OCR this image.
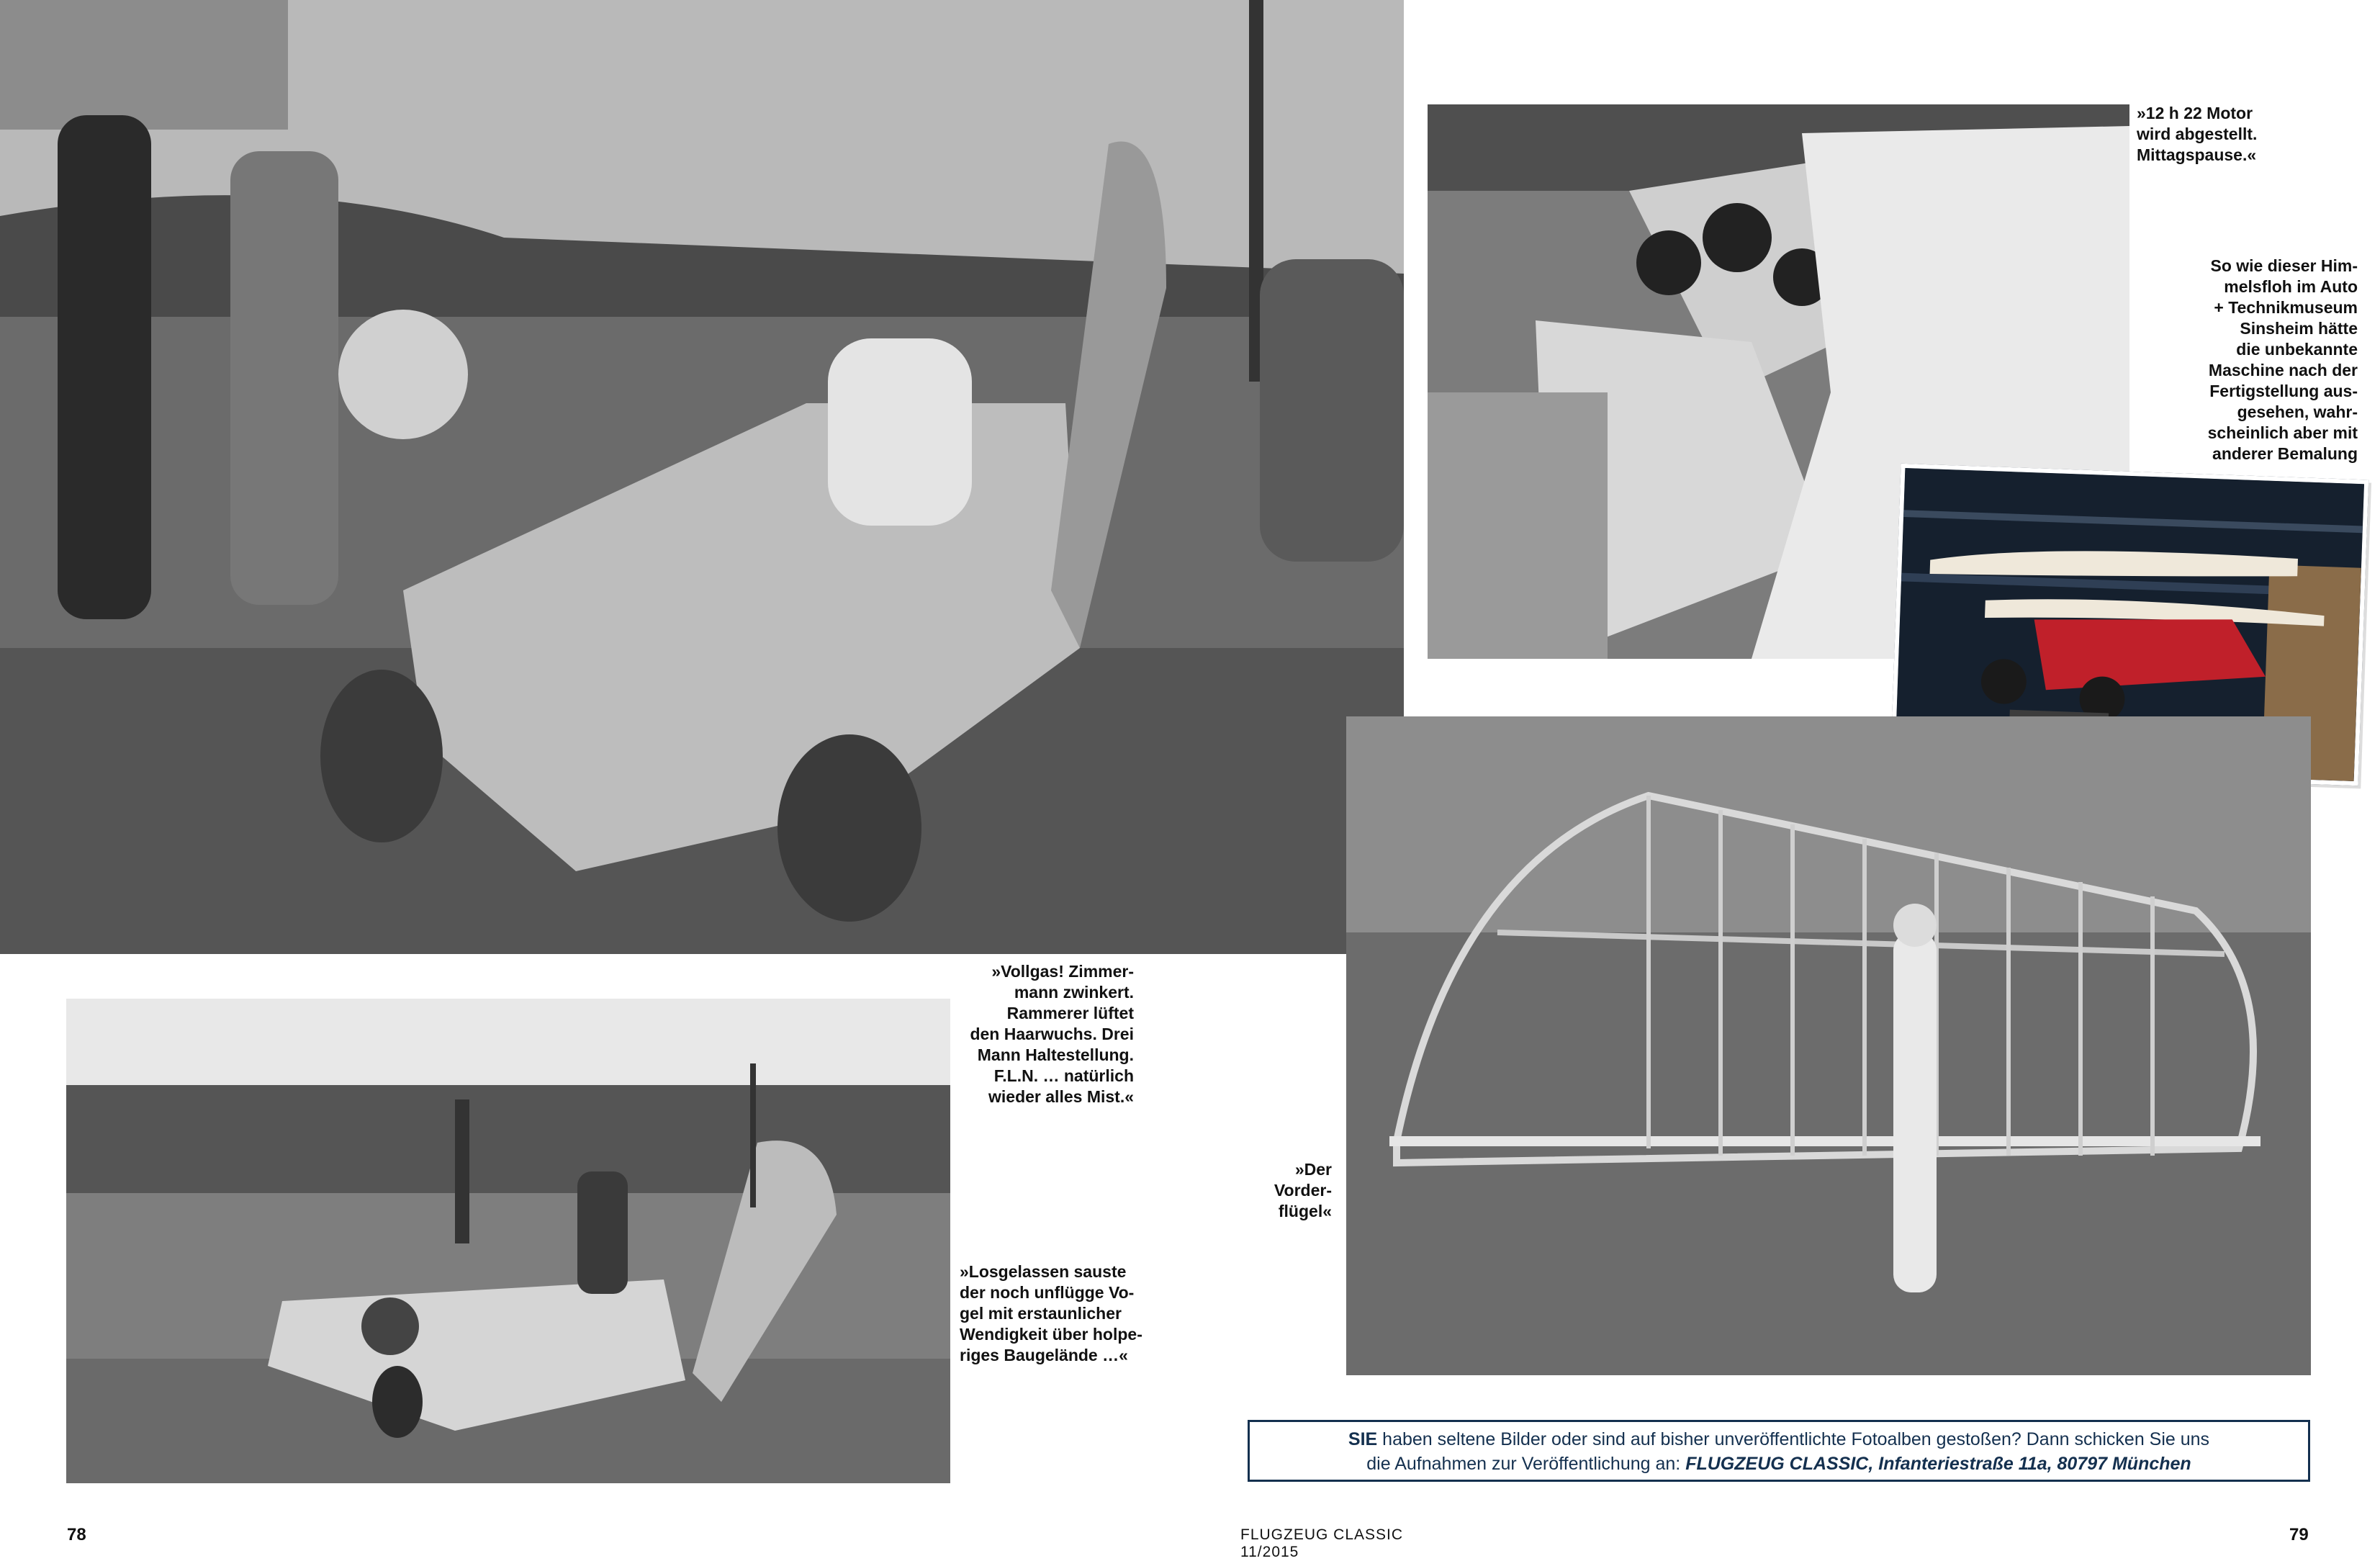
»Vollgas! Zimmer-
mann zwinkert.
Rammerer lüftet
den Haarwuchs. Drei
Mann Haltestellung.
F.L.N. … natürlich
wieder alles Mist.«
»Losgelassen sauste
der noch unflügge Vo-
gel mit erstaunlicher
Wendigkeit über holpe-
riges Baugelände …«
»12 h 22 Motor
wird abgestellt.
Mittagspause.«
So wie dieser Him-
melsfloh im Auto
+ Technikmuseum
Sinsheim hätte
die unbekannte
Maschine nach der
Fertigstellung aus-
gesehen, wahr-
scheinlich aber mit
anderer Bemalung
»Der
Vorder-
flügel«
SIE haben seltene Bilder oder sind auf bisher unveröffentlichte Fotoalben gestoßen? Dann schicken Sie uns
die Aufnahmen zur Veröffentlichung an: FLUGZEUG CLASSIC, Infanteriestraße 11a, 80797 München
78	FLUGZEUG CLASSIC 11/2015
79
